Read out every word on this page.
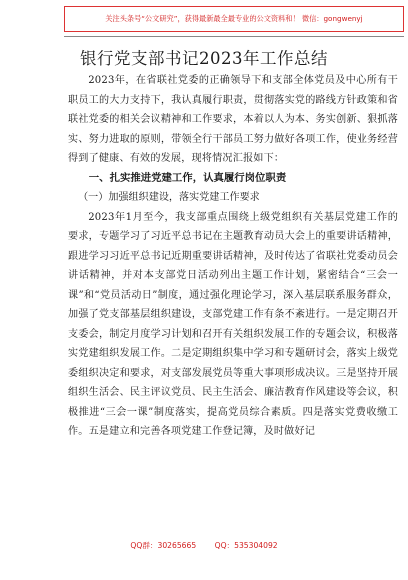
关注头条号“公文研究”，获得最新最全最专业的公文资料和！ 微信：gongwenyj
银行党支部书记2023年工作总结

2023年，在省联社党委的正确领导下和支部全体党员及中心所有干职员工的大力支持下，我认真履行职责，贯彻落实党的路线方针政策和省联社党委的相关会议精神和工作要求，本着以人为本、务实创新、狠抓落实、努力进取的原则，带领全行干部员工努力做好各项工作，使业务经营得到了健康、有效的发展，现将情况汇报如下：

一、扎实推进党建工作，认真履行岗位职责

（一）加强组织建设，落实党建工作要求

2023年1月至今，我支部重点围绕上级党组织有关基层党建工作的要求，专题学习了习近平总书记在主题教育动员大会上的重要讲话精神，跟进学习习近平总书记近期重要讲话精神，及时传达了省联社党委动员会讲话精神，并对本支部党日活动列出主题工作计划，紧密结合“三会一课”和“党员活动日”制度，通过强化理论学习，深入基层联系服务群众，加强了党支部基层组织建设，支部党建工作有条不紊进行。一是定期召开支委会，制定月度学习计划和召开有关组织发展工作的专题会议，积极落实党建组织发展工作。二是定期组织集中学习和专题研讨会，落实上级党委组织决定和要求，对支部发展党员等重大事项形成决议。三是坚持开展组织生活会、民主评议党员、民主生活会、廉洁教育作风建设等会议，积极推进“三会一课”制度落实，提高党员综合素质。四是落实党费收缴工作。五是建立和完善各项党建工作登记簿，及时做好记

QQ群：30265665 QQ：535304092
